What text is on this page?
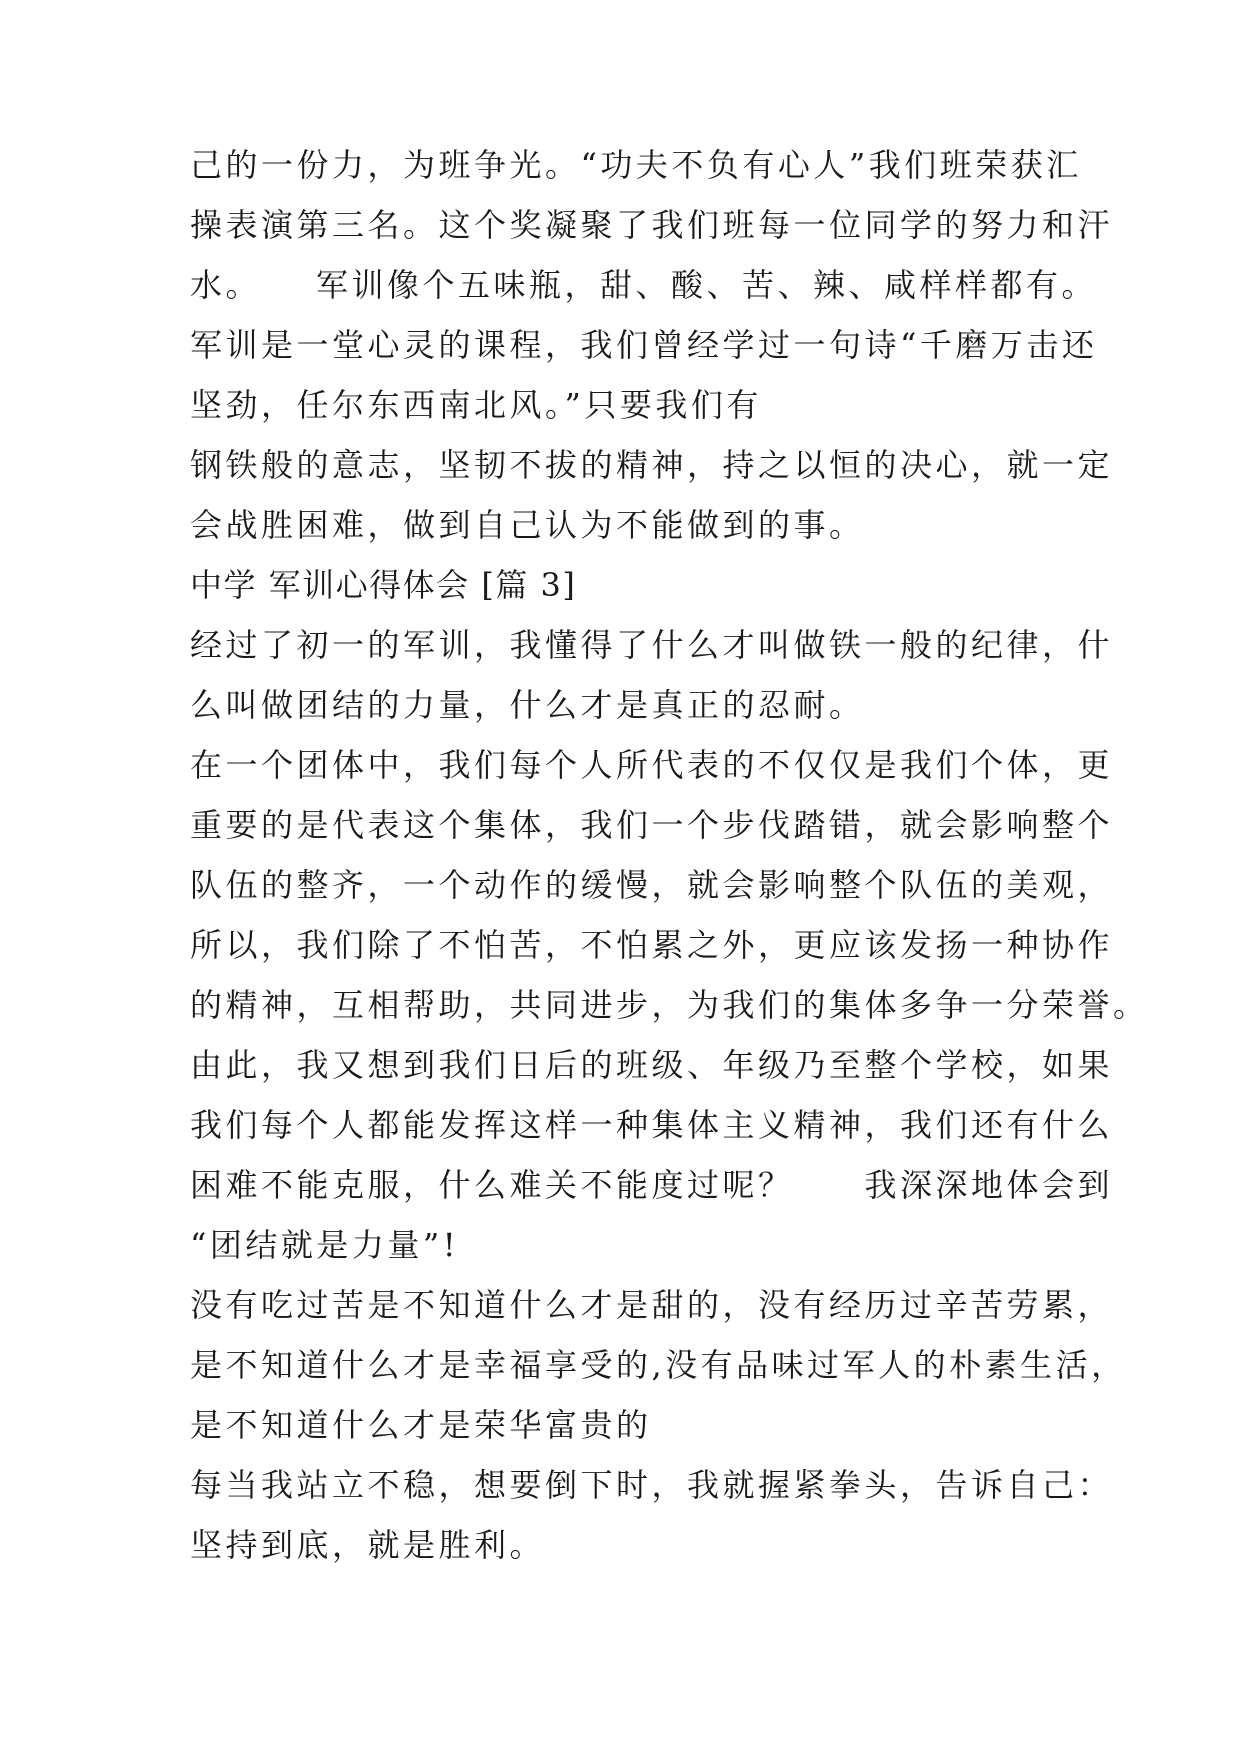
己的一份力，为班争光。“功夫不负有心人”我们班荣获汇
操表演第三名。这个奖凝聚了我们班每一位同学的努力和汗
水。　　军训像个五味瓶，甜、酸、苦、辣、咸样样都有。
军训是一堂心灵的课程，我们曾经学过一句诗“千磨万击还
坚劲，任尔东西南北风。”只要我们有
钢铁般的意志，坚韧不拔的精神，持之以恒的决心，就一定
会战胜困难，做到自己认为不能做到的事。
中学 军训心得体会 [篇 3]
经过了初一的军训，我懂得了什么才叫做铁一般的纪律，什
么叫做团结的力量，什么才是真正的忍耐。
在一个团体中，我们每个人所代表的不仅仅是我们个体，更
重要的是代表这个集体，我们一个步伐踏错，就会影响整个
队伍的整齐，一个动作的缓慢，就会影响整个队伍的美观，
所以，我们除了不怕苦，不怕累之外，更应该发扬一种协作
的精神，互相帮助，共同进步，为我们的集体多争一分荣誉。
由此，我又想到我们日后的班级、年级乃至整个学校，如果
我们每个人都能发挥这样一种集体主义精神，我们还有什么
困难不能克服，什么难关不能度过呢？　　我深深地体会到
“团结就是力量”!
没有吃过苦是不知道什么才是甜的，没有经历过辛苦劳累，
是不知道什么才是幸福享受的,没有品味过军人的朴素生活，
是不知道什么才是荣华富贵的
每当我站立不稳，想要倒下时，我就握紧拳头，告诉自己：
坚持到底，就是胜利。
